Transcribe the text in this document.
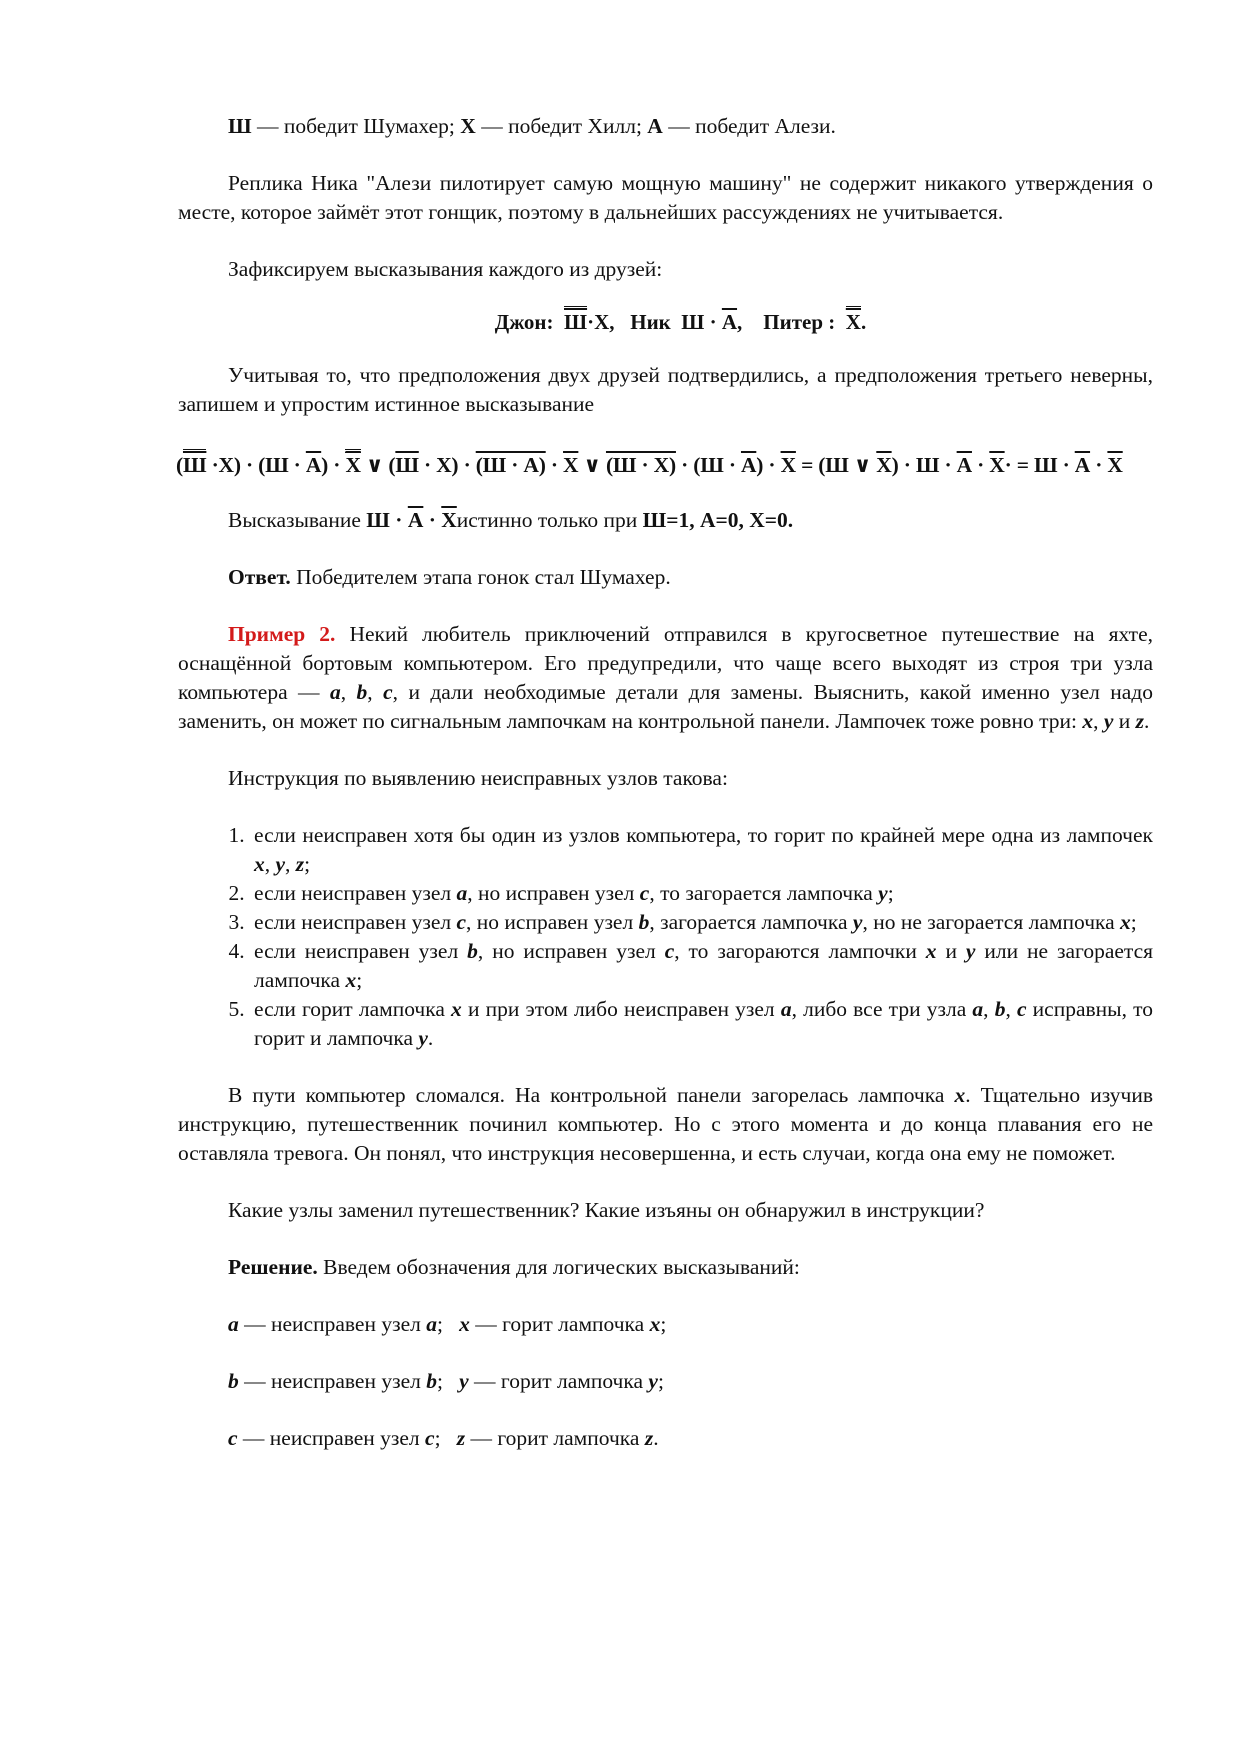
Ш — победит Шумахер; Х — победит Хилл; А — победит Алези.

Реплика Ника "Алези пилотирует самую мощную машину" не содержит никакого утверждения о месте, которое займёт этот гонщик, поэтому в дальнейших рассуждениях не учитывается.

Зафиксируем высказывания каждого из друзей:

Джон: Ш·Х, Ник Ш · А, Питер : Х.

Учитывая то, что предположения двух друзей подтвердились, а предположения третьего неверны, запишем и упростим истинное высказывание

(Ш ·Х) · (Ш · А) · Х ∨ (Ш · Х) · (Ш · А) · Х ∨ (Ш · Х) · (Ш · А) · Х = (Ш ∨ Х) · Ш · А · Х· = Ш · А · Х

Высказывание Ш · А · Хистинно только при Ш=1, А=0, Х=0.

Ответ. Победителем этапа гонок стал Шумахер.

Пример 2. Некий любитель приключений отправился в кругосветное путешествие на яхте, оснащённой бортовым компьютером. Его предупредили, что чаще всего выходят из строя три узла компьютера — a, b, c, и дали необходимые детали для замены. Выяснить, какой именно узел надо заменить, он может по сигнальным лампочкам на контрольной панели. Лампочек тоже ровно три: x, y и z.

Инструкция по выявлению неисправных узлов такова:

1. если неисправен хотя бы один из узлов компьютера, то горит по крайней мере одна из лампочек x, y, z;
2. если неисправен узел a, но исправен узел c, то загорается лампочка y;
3. если неисправен узел c, но исправен узел b, загорается лампочка y, но не загорается лампочка x;
4. если неисправен узел b, но исправен узел c, то загораются лампочки x и y или не загорается лампочка x;
5. если горит лампочка x и при этом либо неисправен узел a, либо все три узла a, b, c исправны, то горит и лампочка y.

В пути компьютер сломался. На контрольной панели загорелась лампочка x. Тщательно изучив инструкцию, путешественник починил компьютер. Но с этого момента и до конца плавания его не оставляла тревога. Он понял, что инструкция несовершенна, и есть случаи, когда она ему не поможет.

Какие узлы заменил путешественник? Какие изъяны он обнаружил в инструкции?

Решение. Введем обозначения для логических высказываний:

a — неисправен узел a;   x — горит лампочка x;

b — неисправен узел b;   y — горит лампочка y;

c — неисправен узел c;   z — горит лампочка z.
